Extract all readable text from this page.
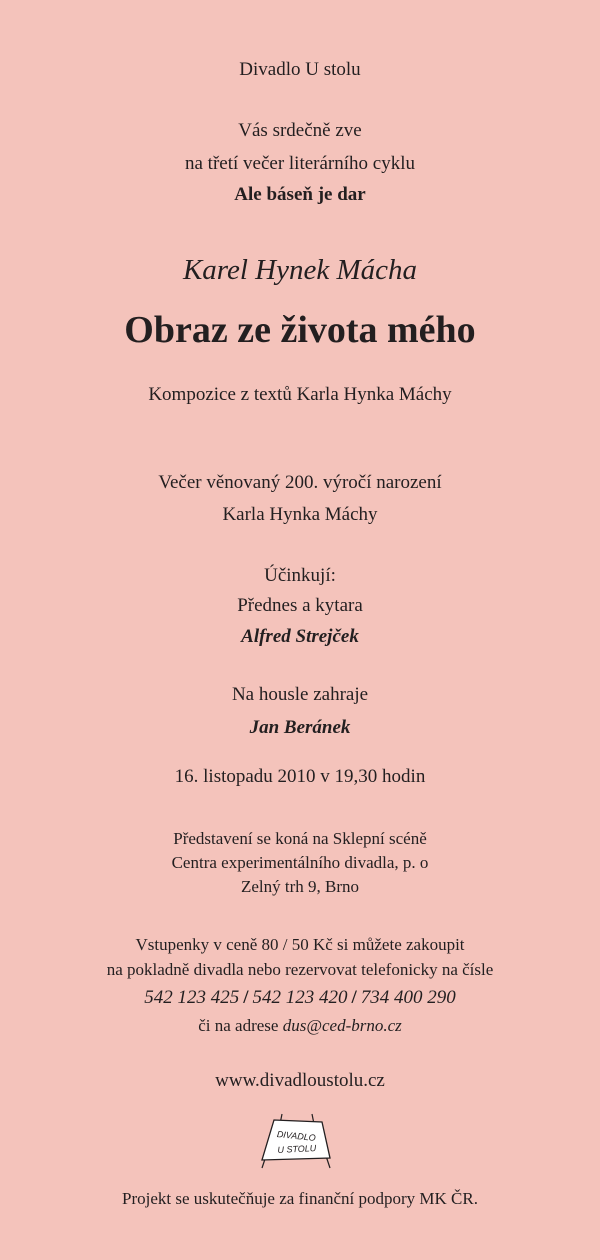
Divadlo U stolu
Vás srdečně zve
na třetí večer literárního cyklu
Ale báseň je dar
Karel Hynek Mácha
Obraz ze života mého
Kompozice z textů Karla Hynka Máchy
Večer věnovaný 200. výročí narození
Karla Hynka Máchy
Účinkují:
Přednes a kytara
Alfred Strejček
Na housle zahraje
Jan Beránek
16. listopadu 2010 v 19,30 hodin
Představení se koná na Sklepní scéně
Centra experimentálního divadla, p. o
Zelný trh 9, Brno
Vstupenky v ceně 80 / 50 Kč si můžete zakoupit
na pokladně divadla nebo rezervovat telefonicky na čísle
542 123 425 / 542 123 420 / 734 400 290
či na adrese dus@ced-brno.cz
www.divadloustolu.cz
DIVADLO
U STOLU
Projekt se uskutečňuje za finanční podpory MK ČR.
